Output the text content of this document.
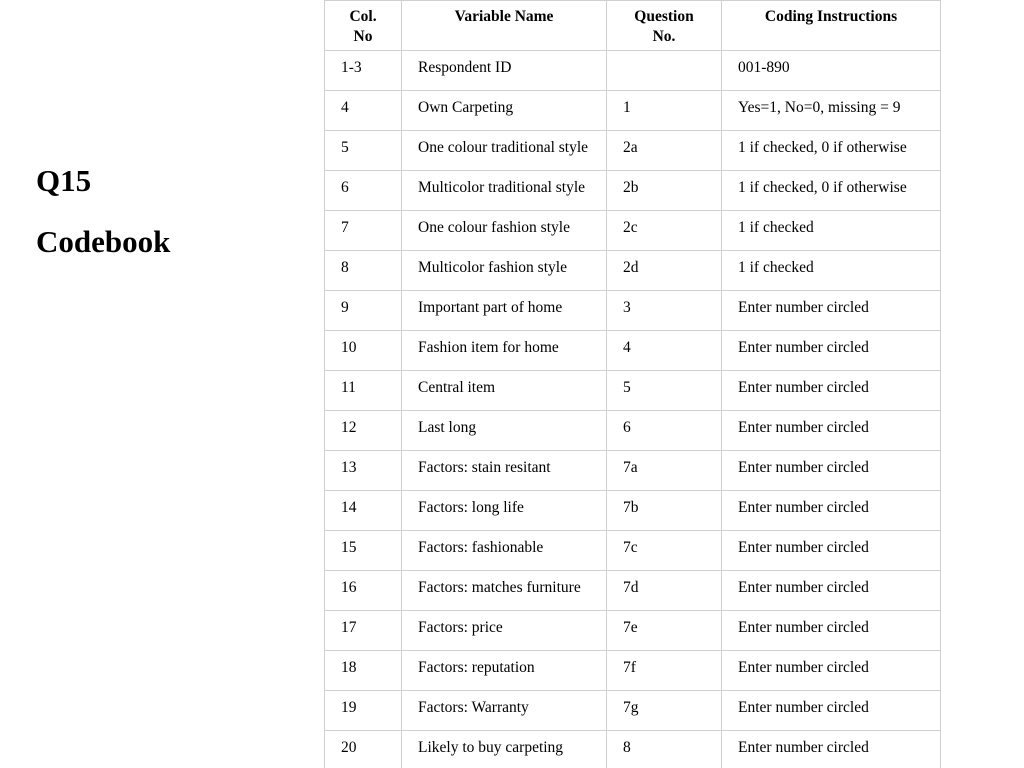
Q15
Codebook
Col. No	Variable Name	Question No.	Coding Instructions

1-3	Respondent ID		001-890

4	Own Carpeting	1	Yes=1, No=0, missing = 9

5	One colour traditional style	2a	1 if checked, 0 if otherwise

6	Multicolor traditional style	2b	1 if checked, 0 if otherwise

7	One colour fashion style	2c	1 if checked

8	Multicolor fashion style	2d	1 if checked

9	Important part of home	3	Enter number circled

10	Fashion item for home	4	Enter number circled

11	Central item	5	Enter number circled

12	Last long	6	Enter number circled

13	Factors: stain resitant	7a	Enter number circled

14	Factors: long life	7b	Enter number circled

15	Factors: fashionable	7c	Enter number circled

16	Factors: matches furniture	7d	Enter number circled

17	Factors: price	7e	Enter number circled

18	Factors: reputation	7f	Enter number circled

19	Factors: Warranty	7g	Enter number circled

20	Likely to buy carpeting	8	Enter number circled
